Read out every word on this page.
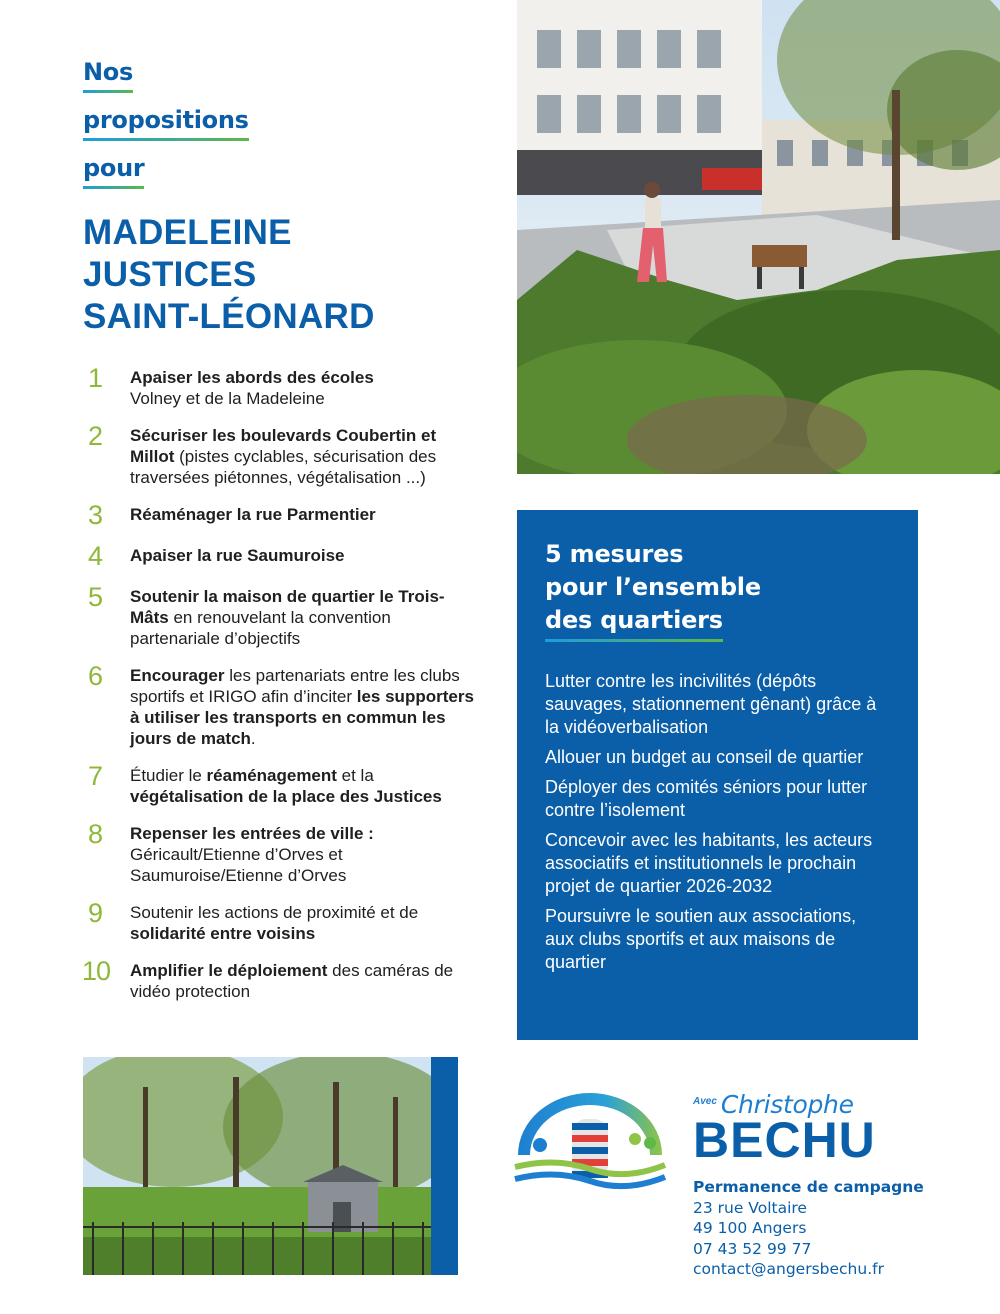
Nos
propositions
pour
MADELEINE
JUSTICES
SAINT-LÉONARD
1	Apaiser les abords des écoles
Volney et de la Madeleine
2	Sécuriser les boulevards Coubertin et Millot (pistes cyclables, sécurisation des traversées piétonnes, végétalisation ...)
3	Réaménager la rue Parmentier
4	Apaiser la rue Saumuroise
5	Soutenir la maison de quartier le Trois-Mâts en renouvelant la convention partenariale d’objectifs
6	Encourager les partenariats entre les clubs sportifs et IRIGO afin d’inciter les supporters à utiliser les transports en commun les jours de match.
7	Étudier le réaménagement et la végétalisation de la place des Justices
8	Repenser les entrées de ville : Géricault/Etienne d’Orves et Saumuroise/Etienne d’Orves
9	Soutenir les actions de proximité et de solidarité entre voisins
10	Amplifier le déploiement des caméras de vidéo protection
5 mesures
pour l’ensemble
des quartiers
Lutter contre les incivilités (dépôts sauvages, stationnement gênant) grâce à la vidéoverbalisation
Allouer un budget au conseil de quartier
Déployer des comités séniors pour lutter contre l’isolement
Concevoir avec les habitants, les acteurs associatifs et institutionnels le prochain projet de quartier 2026-2032
Poursuivre le soutien aux associations, aux clubs sportifs et aux maisons de quartier
$^{Avec}$ Christophe
BECHU
Permanence de campagne
23 rue Voltaire
49 100 Angers
07 43 52 99 77
contact@angersbechu.fr
